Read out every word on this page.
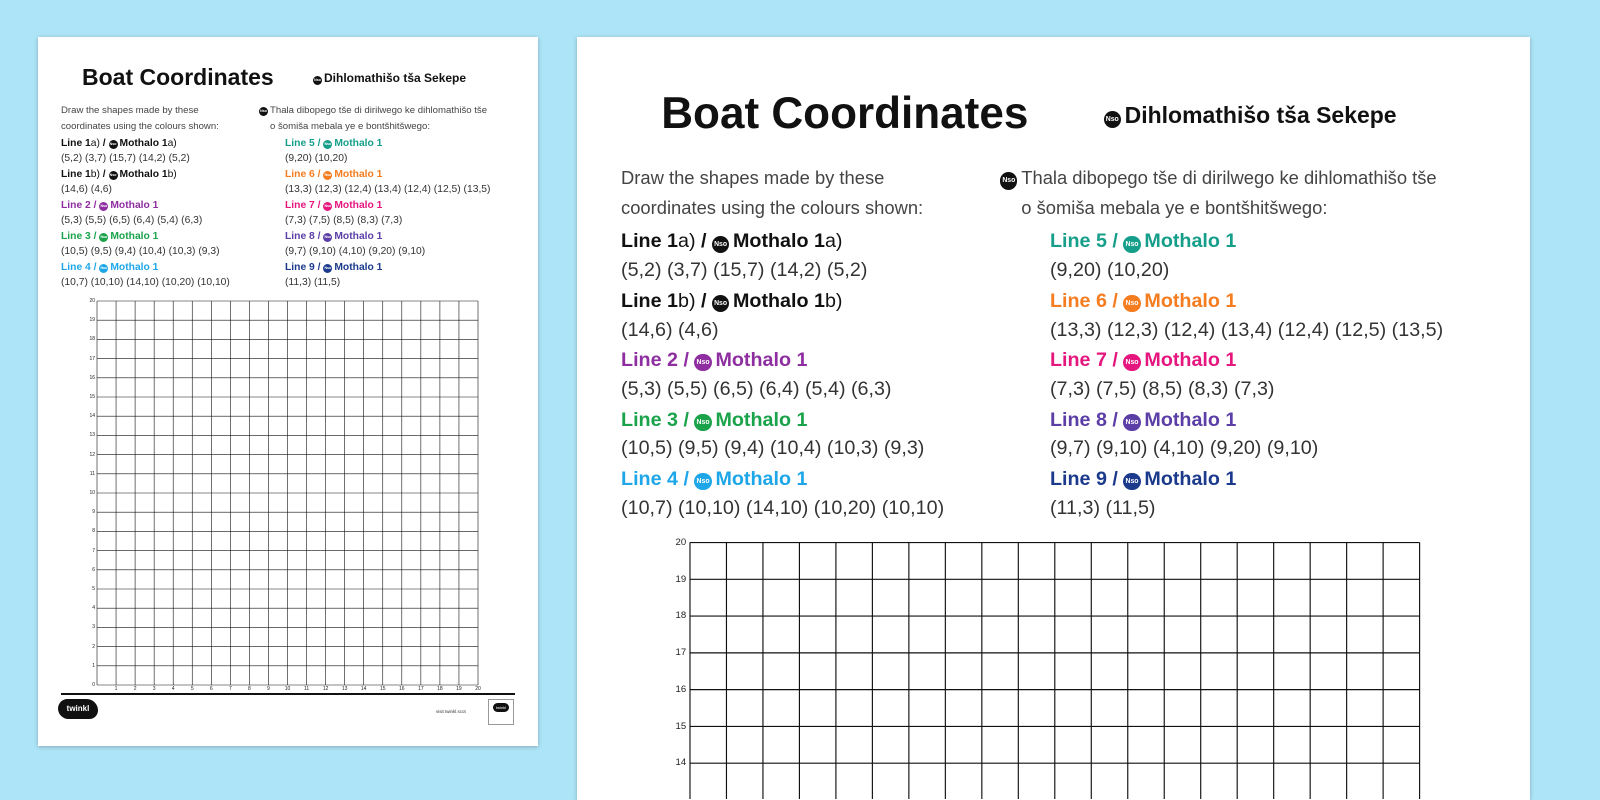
Boat Coordinates	Nso Dihlomathišo tša Sekepe
Draw the shapes made by these
coordinates using the colours shown:
Nso Thala dibopego tše di dirilwego ke dihlomathišo tše
o šomiša mebala ye e bontšhitšwego:
Line 1a) / Nso Mothalo 1a)
(5,2) (3,7) (15,7) (14,2) (5,2)
Line 1b) / Nso Mothalo 1b)
(14,6) (4,6)
Line 2 / Nso Mothalo 1
(5,3) (5,5) (6,5) (6,4) (5,4) (6,3)
Line 3 / Nso Mothalo 1
(10,5) (9,5) (9,4) (10,4) (10,3) (9,3)
Line 4 / Nso Mothalo 1
(10,7) (10,10) (14,10) (10,20) (10,10)
Line 5 / Nso Mothalo 1
(9,20) (10,20)
Line 6 / Nso Mothalo 1
(13,3) (12,3) (12,4) (13,4) (12,4) (12,5) (13,5)
Line 7 / Nso Mothalo 1
(7,3) (7,5) (8,5) (8,3) (7,3)
Line 8 / Nso Mothalo 1
(9,7) (9,10) (4,10) (9,20) (9,10)
Line 9 / Nso Mothalo 1
(11,3) (11,5)
0
1
1
2
2
3
3
4
4
5
5
6
6
7
7
8
8
9
9
10
10
11
11
12
12
13
13
14
14
15
15
16
16
17
17
18
18
19
19
20
20
twinkl	visit twinkl.scot
twinkl
Boat Coordinates	Nso Dihlomathišo tša Sekepe
Draw the shapes made by these
coordinates using the colours shown:
Nso Thala dibopego tše di dirilwego ke dihlomathišo tše
o šomiša mebala ye e bontšhitšwego:
Line 1a) / Nso Mothalo 1a)
(5,2) (3,7) (15,7) (14,2) (5,2)
Line 1b) / Nso Mothalo 1b)
(14,6) (4,6)
Line 2 / Nso Mothalo 1
(5,3) (5,5) (6,5) (6,4) (5,4) (6,3)
Line 3 / Nso Mothalo 1
(10,5) (9,5) (9,4) (10,4) (10,3) (9,3)
Line 4 / Nso Mothalo 1
(10,7) (10,10) (14,10) (10,20) (10,10)
Line 5 / Nso Mothalo 1
(9,20) (10,20)
Line 6 / Nso Mothalo 1
(13,3) (12,3) (12,4) (13,4) (12,4) (12,5) (13,5)
Line 7 / Nso Mothalo 1
(7,3) (7,5) (8,5) (8,3) (7,3)
Line 8 / Nso Mothalo 1
(9,7) (9,10) (4,10) (9,20) (9,10)
Line 9 / Nso Mothalo 1
(11,3) (11,5)
14
15
16
17
18
19
20
